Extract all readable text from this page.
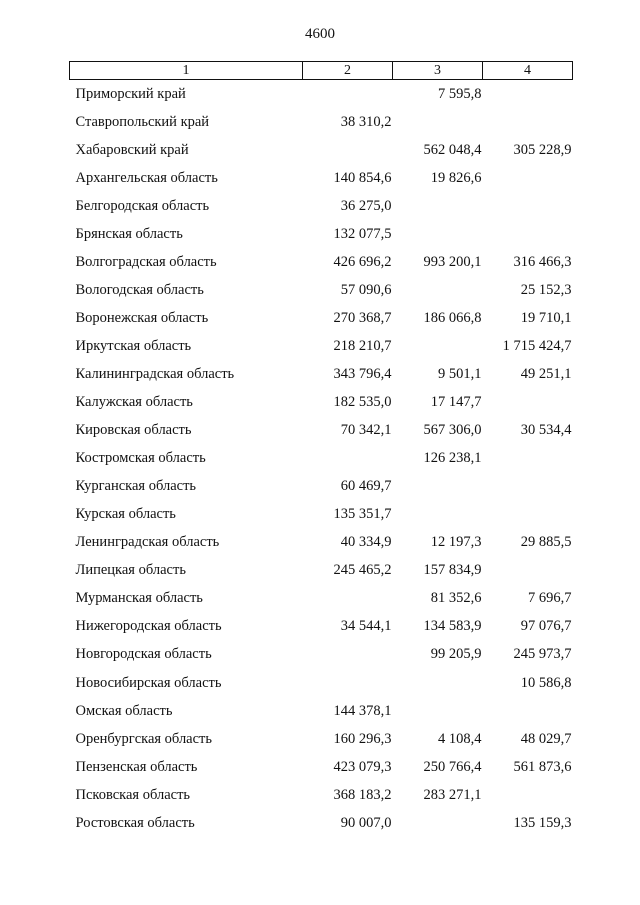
4600
1	2	3	4
Приморский край		7 595,8	
Ставропольский край	38 310,2		
Хабаровский край		562 048,4	305 228,9
Архангельская область	140 854,6	19 826,6	
Белгородская область	36 275,0		
Брянская область	132 077,5		
Волгоградская область	426 696,2	993 200,1	316 466,3
Вологодская область	57 090,6		25 152,3
Воронежская область	270 368,7	186 066,8	19 710,1
Иркутская область	218 210,7		1 715 424,7
Калининградская область	343 796,4	9 501,1	49 251,1
Калужская область	182 535,0	17 147,7	
Кировская область	70 342,1	567 306,0	30 534,4
Костромская область		126 238,1	
Курганская область	60 469,7		
Курская область	135 351,7		
Ленинградская область	40 334,9	12 197,3	29 885,5
Липецкая область	245 465,2	157 834,9	
Мурманская область		81 352,6	7 696,7
Нижегородская область	34 544,1	134 583,9	97 076,7
Новгородская область		99 205,9	245 973,7
Новосибирская область			10 586,8
Омская область	144 378,1		
Оренбургская область	160 296,3	4 108,4	48 029,7
Пензенская область	423 079,3	250 766,4	561 873,6
Псковская область	368 183,2	283 271,1	
Ростовская область	90 007,0		135 159,3
